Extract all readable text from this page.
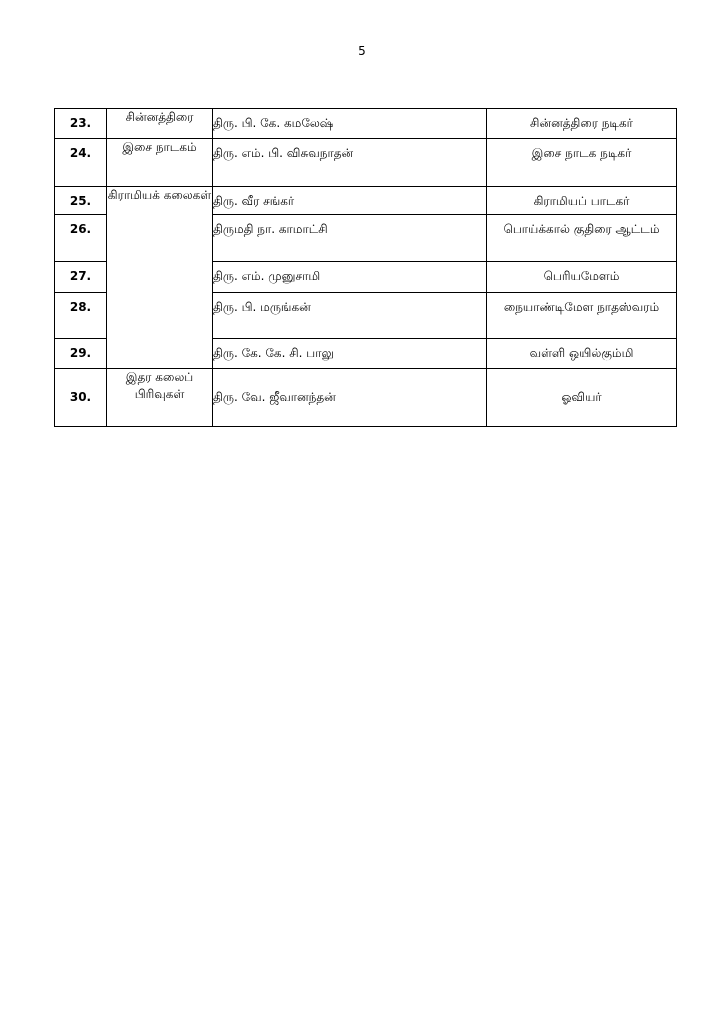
5
23.	சின்னத்திரை	திரு. பி. கே. கமலேஷ்	சின்னத்திரை நடிகர்
24.	இசை நாடகம்	திரு. எம். பி. விசுவநாதன்	இசை நாடக நடிகர்
25.	கிராமியக் கலைகள்	திரு. வீர சங்கர்	கிராமியப் பாடகர்
26.		திருமதி நா. காமாட்சி	பொய்க்கால் குதிரை ஆட்டம்
27.		திரு. எம். முனுசாமி	பெரியமேளம்
28.		திரு. பி. மருங்கன்	நையாண்டிமேள நாதஸ்வரம்
29.		திரு. கே. கே. சி. பாலு	வள்ளி ஒயில்கும்மி
30.	இதர கலைப் பிரிவுகள்	திரு. வே. ஜீவானந்தன்	ஓவியர்
